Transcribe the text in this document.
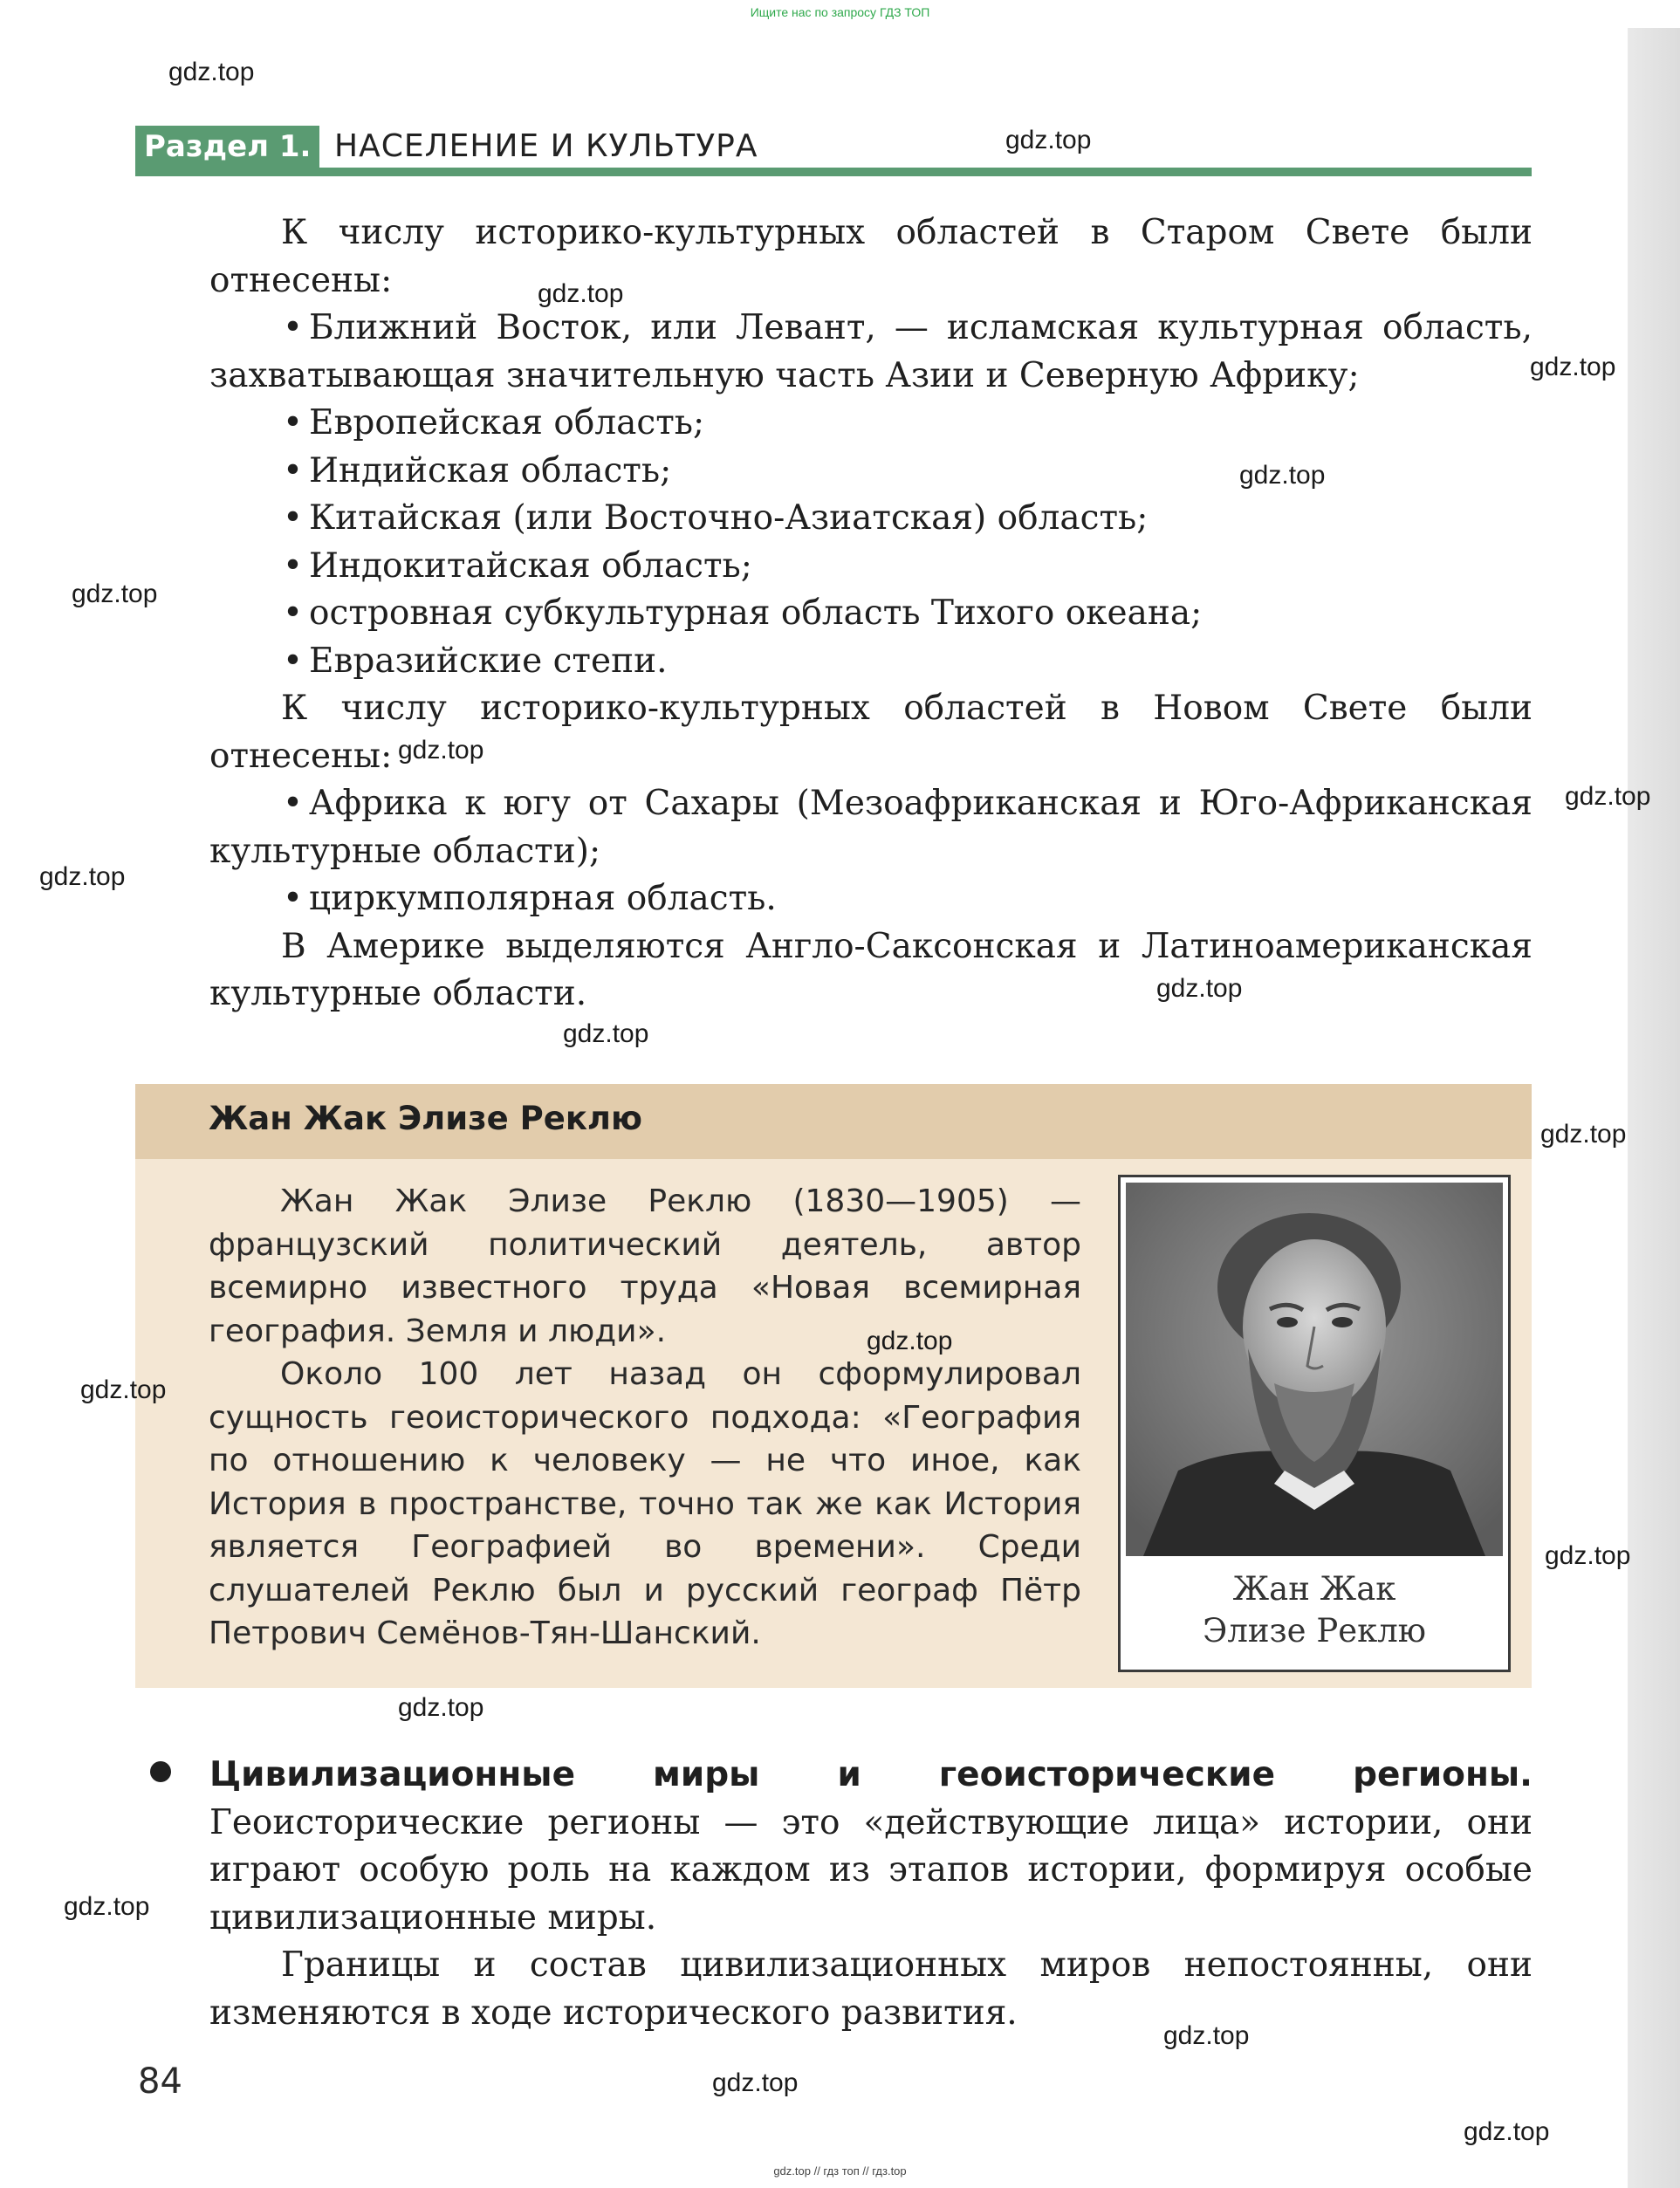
Ищите нас по запросу ГДЗ ТОП
Раздел 1. НАСЕЛЕНИЕ И КУЛЬТУРА

К числу историко-культурных областей в Старом Свете были отнесены:

• Ближний Восток, или Левант, — исламская культурная область, захватывающая значительную часть Азии и Северную Африку;

• Европейская область;

• Индийская область;

• Китайская (или Восточно-Азиатская) область;

• Индокитайская область;

• островная субкультурная область Тихого океана;

• Евразийские степи.

К числу историко-культурных областей в Новом Свете были отнесены:

• Африка к югу от Сахары (Мезоафриканская и Юго-Африканская культурные области);

• циркумполярная область.

В Америке выделяются Англо-Саксонская и Латиноамериканская культурные области.

Жан Жак Элизе Реклю

Жан Жак Элизе Реклю (1830—1905) — французский политический деятель, автор всемирно известного труда «Новая всемирная география. Земля и люди».

Около 100 лет назад он сформулировал сущность геоисторического подхода: «География по отношению к человеку — не что иное, как История в пространстве, точно так же как История является Географией во времени». Среди слушателей Реклю был и русский географ Пётр Петрович Семёнов-Тян-Шанский.

Жан Жак
Элизе Реклю

Цивилизационные миры и геоисторические регионы. Геоисторические регионы — это «действующие лица» истории, они играют особую роль на каждом из этапов истории, формируя особые цивилизационные миры.

Границы и состав цивилизационных миров непостоянны, они изменяются в ходе исторического развития.

84
gdz.top
gdz.top
gdz.top
gdz.top
gdz.top
gdz.top
gdz.top
gdz.top
gdz.top
gdz.top
gdz.top
gdz.top
gdz.top
gdz.top
gdz.top
gdz.top
gdz.top
gdz.top
gdz.top
gdz.top
gdz.top // гдз топ // гдз.top
